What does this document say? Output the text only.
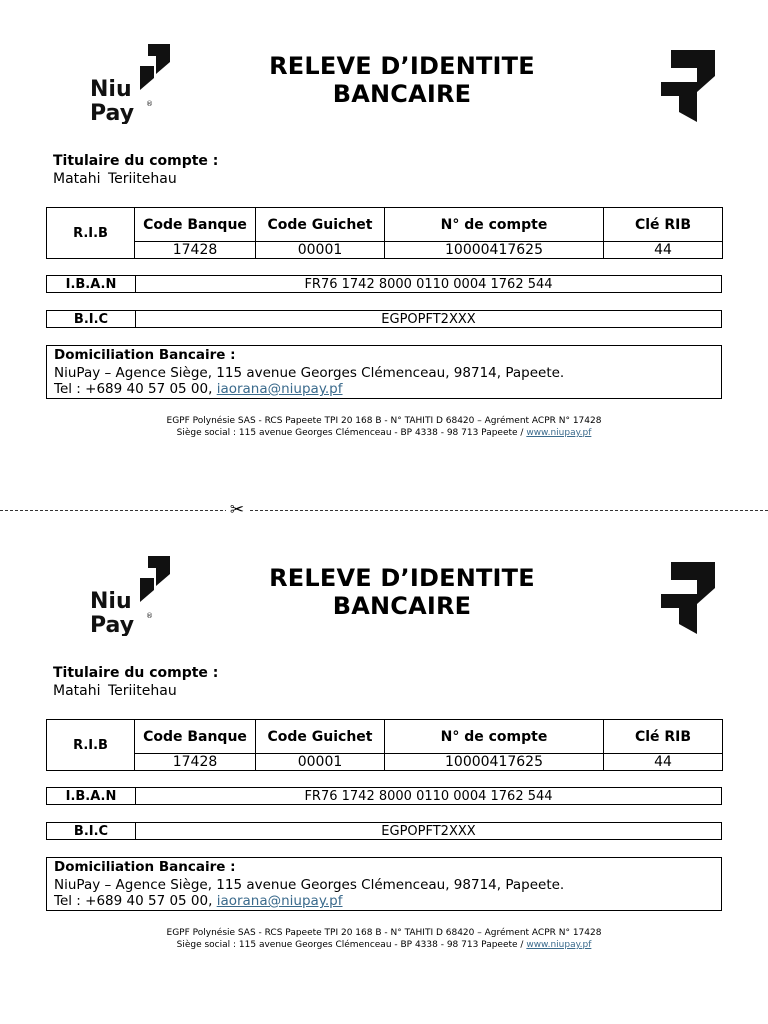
Niu
Pay ®
RELEVE D’IDENTITE
BANCAIRE
Titulaire du compte :
Matahi Teriitehau
R.I.B	Code Banque	Code Guichet	N° de compte	Clé RIB
	17428	00001	10000417625	44
I.B.A.N	FR76 1742 8000 0110 0004 1762 544
B.I.C	EGPOPFT2XXX
Domiciliation Bancaire :
NiuPay – Agence Siège, 115 avenue Georges Clémenceau, 98714, Papeete.
Tel : +689 40 57 05 00, iaorana@niupay.pf
EGPF Polynésie SAS - RCS Papeete TPI 20 168 B - N° TAHITI D 68420 – Agrément ACPR N° 17428
Siège social : 115 avenue Georges Clémenceau - BP 4338 - 98 713 Papeete / www.niupay.pf
✂
Niu
Pay ®
RELEVE D’IDENTITE
BANCAIRE
Titulaire du compte :
Matahi Teriitehau
R.I.B	Code Banque	Code Guichet	N° de compte	Clé RIB
	17428	00001	10000417625	44
I.B.A.N	FR76 1742 8000 0110 0004 1762 544
B.I.C	EGPOPFT2XXX
Domiciliation Bancaire :
NiuPay – Agence Siège, 115 avenue Georges Clémenceau, 98714, Papeete.
Tel : +689 40 57 05 00, iaorana@niupay.pf
EGPF Polynésie SAS - RCS Papeete TPI 20 168 B - N° TAHITI D 68420 – Agrément ACPR N° 17428
Siège social : 115 avenue Georges Clémenceau - BP 4338 - 98 713 Papeete / www.niupay.pf
